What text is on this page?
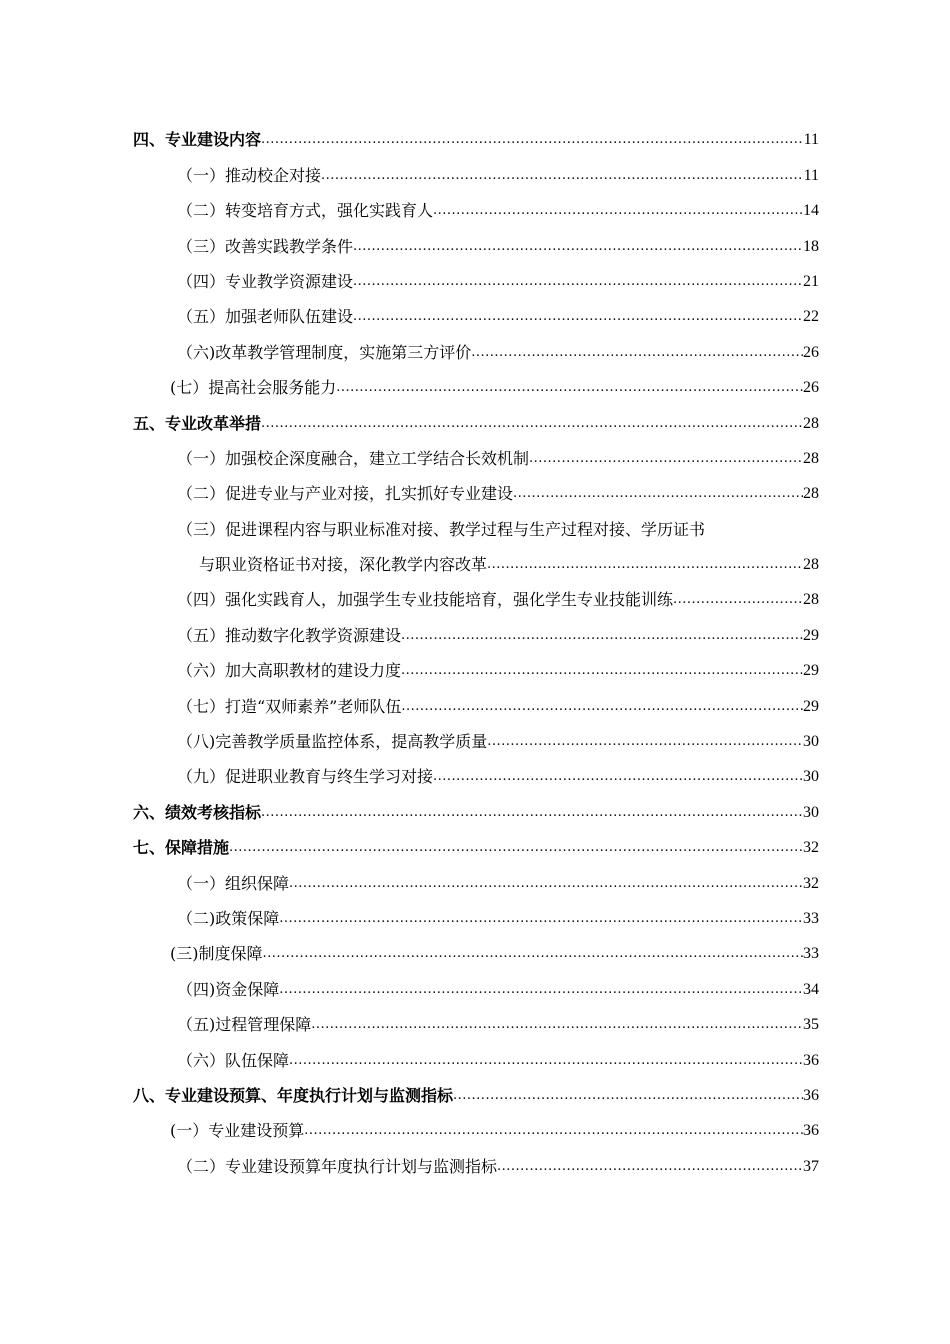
四、专业建设内容 .....	11
（一）推动校企对接 .....	11
（二）转变培育方式，强化实践育人 .....	14
（三）改善实践教学条件 .....	18
（四）专业教学资源建设 .....	21
（五）加强老师队伍建设 .....	22
（六)改革教学管理制度，实施第三方评价 .....	26
(七）提高社会服务能力 .....	26
五、专业改革举措 .....	28
（一）加强校企深度融合，建立工学结合长效机制 .....	28
（二）促进专业与产业对接，扎实抓好专业建设 .....	28
（三）促进课程内容与职业标准对接、教学过程与生产过程对接、学历证书
与职业资格证书对接，深化教学内容改革 .....	28
（四）强化实践育人，加强学生专业技能培育，强化学生专业技能训练 .....	28
（五）推动数字化教学资源建设 .....	29
（六）加大高职教材的建设力度 .....	29
（七）打造“双师素养”老师队伍 .....	29
（八)完善教学质量监控体系，提高教学质量 .....	30
（九）促进职业教育与终生学习对接 .....	30
六、绩效考核指标 .....	30
七、保障措施 .....	32
（一）组织保障 .....	32
（二)政策保障 .....	33
(三)制度保障 .....	33
（四)资金保障 .....	34
（五)过程管理保障 .....	35
（六）队伍保障 .....	36
八、专业建设预算、年度执行计划与监测指标 .....	36
(一）专业建设预算 .....	36
（二）专业建设预算年度执行计划与监测指标 .....	37
